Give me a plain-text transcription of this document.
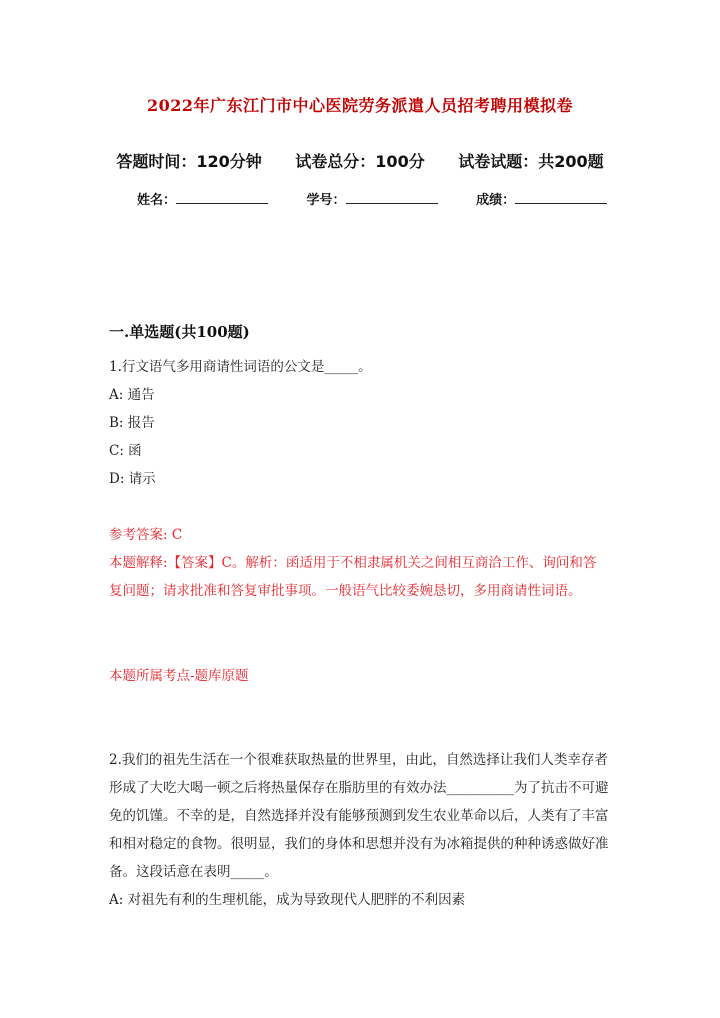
2022年广东江门市中心医院劳务派遣人员招考聘用模拟卷
答题时间：120分钟 试卷总分：100分 试卷试题：共200题
姓名：	学号：	成绩：
一.单选题(共100题)
1.行文语气多用商请性词语的公文是_____。
A: 通告
B: 报告
C: 函
D: 请示
参考答案: C
本题解释:【答案】C。解析：函适用于不相隶属机关之间相互商洽工作、询问和答复问题；请求批准和答复审批事项。一般语气比较委婉恳切，多用商请性词语。
本题所属考点-题库原题
2.我们的祖先生活在一个很难获取热量的世界里，由此，自然选择让我们人类幸存者形成了大吃大喝一顿之后将热量保存在脂肪里的有效办法__________为了抗击不可避免的饥馑。不幸的是，自然选择并没有能够预测到发生农业革命以后，人类有了丰富和相对稳定的食物。很明显，我们的身体和思想并没有为冰箱提供的种种诱惑做好准备。这段话意在表明_____。
A: 对祖先有利的生理机能，成为导致现代人肥胖的不利因素
